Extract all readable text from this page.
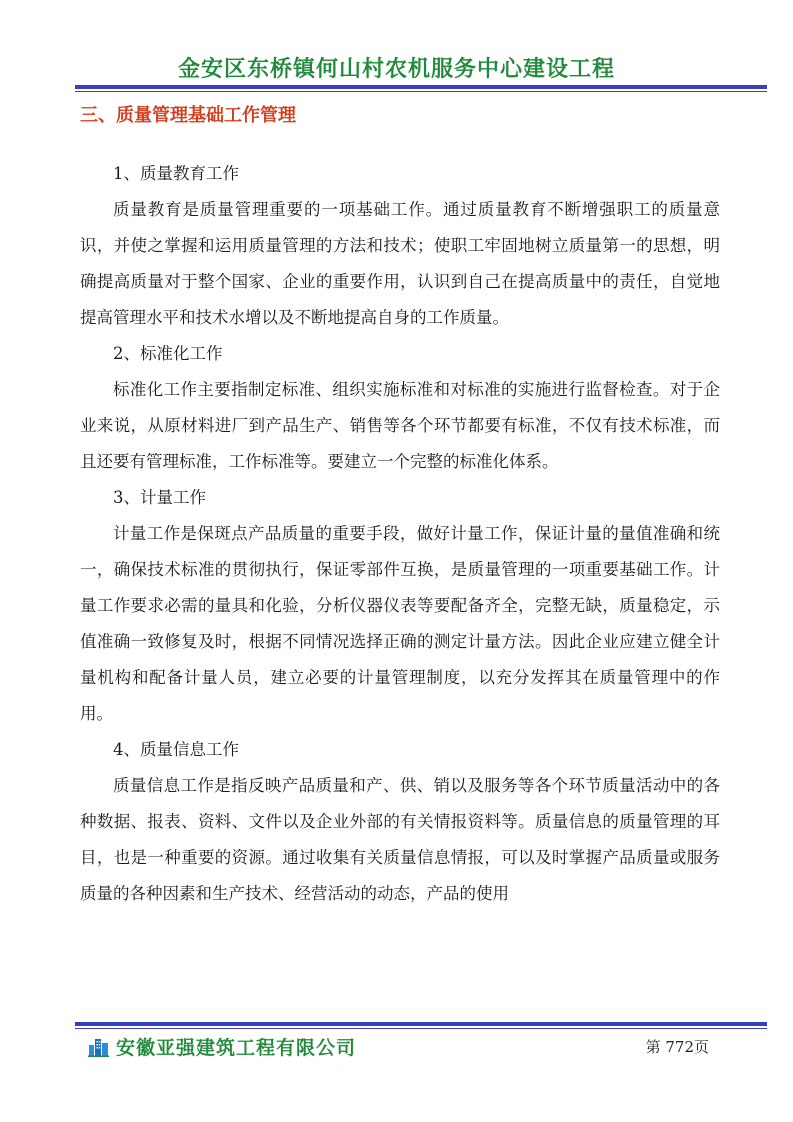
金安区东桥镇何山村农机服务中心建设工程
三、质量管理基础工作管理

1、质量教育工作

质量教育是质量管理重要的一项基础工作。通过质量教育不断增强职工的质量意识，并使之掌握和运用质量管理的方法和技术；使职工牢固地树立质量第一的思想，明确提高质量对于整个国家、企业的重要作用，认识到自己在提高质量中的责任，自觉地提高管理水平和技术水增以及不断地提高自身的工作质量。

2、标准化工作

标准化工作主要指制定标准、组织实施标准和对标准的实施进行监督检查。对于企业来说，从原材料进厂到产品生产、销售等各个环节都要有标准，不仅有技术标准，而且还要有管理标准，工作标准等。要建立一个完整的标准化体系。

3、计量工作

计量工作是保斑点产品质量的重要手段，做好计量工作，保证计量的量值准确和统一，确保技术标准的贯彻执行，保证零部件互换，是质量管理的一项重要基础工作。计量工作要求必需的量具和化验，分析仪器仪表等要配备齐全，完整无缺，质量稳定，示值准确一致修复及时，根据不同情况选择正确的测定计量方法。因此企业应建立健全计量机构和配备计量人员，建立必要的计量管理制度，以充分发挥其在质量管理中的作用。

4、质量信息工作

质量信息工作是指反映产品质量和产、供、销以及服务等各个环节质量活动中的各种数据、报表、资料、文件以及企业外部的有关情报资料等。质量信息的质量管理的耳目，也是一种重要的资源。通过收集有关质量信息情报，可以及时掌握产品质量或服务质量的各种因素和生产技术、经营活动的动态，产品的使用

安徽亚强建筑工程有限公司	第 772页
